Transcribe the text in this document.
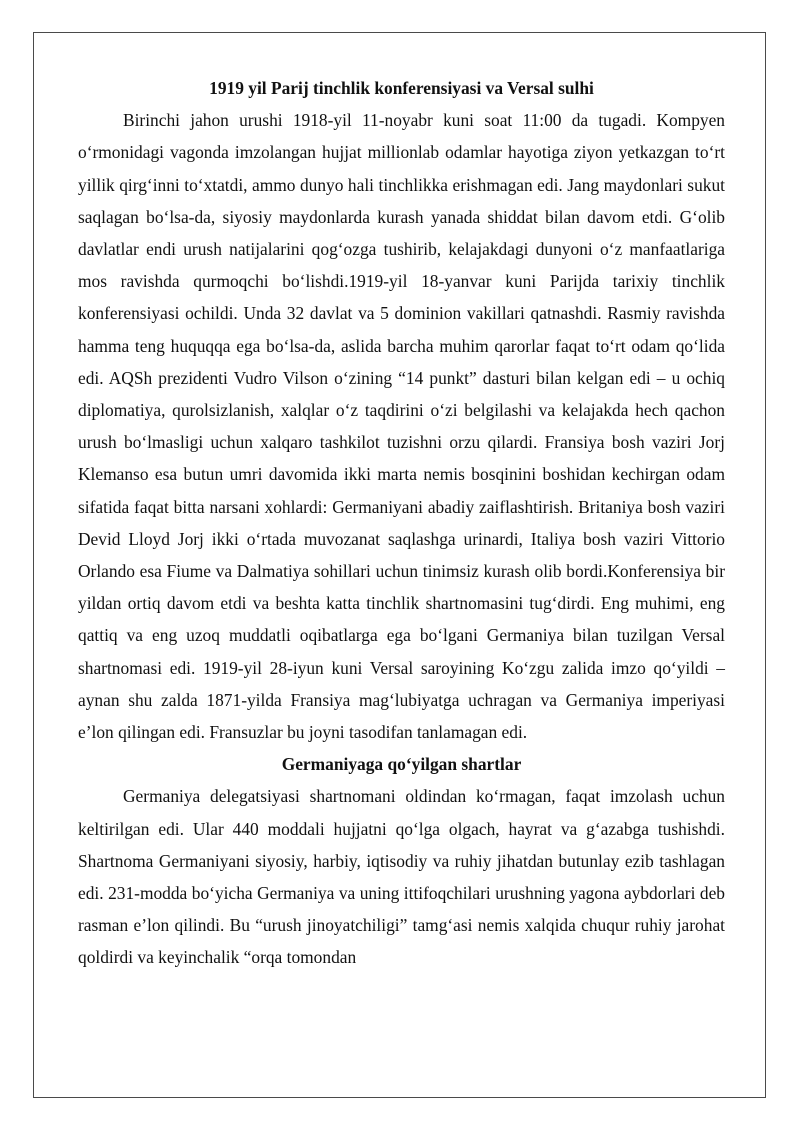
1919 yil Parij tinchlik konferensiyasi va Versal sulhi

Birinchi jahon urushi 1918-yil 11-noyabr kuni soat 11:00 da tugadi. Kompyen oʻrmonidagi vagonda imzolangan hujjat millionlab odamlar hayotiga ziyon yetkazgan toʻrt yillik qirgʻinni toʻxtatdi, ammo dunyo hali tinchlikka erishmagan edi. Jang maydonlari sukut saqlagan boʻlsa-da, siyosiy maydonlarda kurash yanada shiddat bilan davom etdi. Gʻolib davlatlar endi urush natijalarini qogʻozga tushirib, kelajakdagi dunyoni oʻz manfaatlariga mos ravishda qurmoqchi boʻlishdi.1919-yil 18-yanvar kuni Parijda tarixiy tinchlik konferensiyasi ochildi. Unda 32 davlat va 5 dominion vakillari qatnashdi. Rasmiy ravishda hamma teng huquqqa ega boʻlsa-da, aslida barcha muhim qarorlar faqat toʻrt odam qoʻlida edi. AQSh prezidenti Vudro Vilson oʻzining “14 punkt” dasturi bilan kelgan edi – u ochiq diplomatiya, qurolsizlanish, xalqlar oʻz taqdirini oʻzi belgilashi va kelajakda hech qachon urush boʻlmasligi uchun xalqaro tashkilot tuzishni orzu qilardi. Fransiya bosh vaziri Jorj Klemanso esa butun umri davomida ikki marta nemis bosqinini boshidan kechirgan odam sifatida faqat bitta narsani xohlardi: Germaniyani abadiy zaiflashtirish. Britaniya bosh vaziri Devid Lloyd Jorj ikki oʻrtada muvozanat saqlashga urinardi, Italiya bosh vaziri Vittorio Orlando esa Fiume va Dalmatiya sohillari uchun tinimsiz kurash olib bordi.Konferensiya bir yildan ortiq davom etdi va beshta katta tinchlik shartnomasini tugʻdirdi. Eng muhimi, eng qattiq va eng uzoq muddatli oqibatlarga ega boʻlgani Germaniya bilan tuzilgan Versal shartnomasi edi. 1919-yil 28-iyun kuni Versal saroyining Koʻzgu zalida imzo qoʻyildi – aynan shu zalda 1871-yilda Fransiya magʻlubiyatga uchragan va Germaniya imperiyasi e’lon qilingan edi. Fransuzlar bu joyni tasodifan tanlamagan edi.

Germaniyaga qoʻyilgan shartlar

Germaniya delegatsiyasi shartnomani oldindan koʻrmagan, faqat imzolash uchun keltirilgan edi. Ular 440 moddali hujjatni qoʻlga olgach, hayrat va gʻazabga tushishdi. Shartnoma Germaniyani siyosiy, harbiy, iqtisodiy va ruhiy jihatdan butunlay ezib tashlagan edi. 231-modda boʻyicha Germaniya va uning ittifoqchilari urushning yagona aybdorlari deb rasman e’lon qilindi. Bu “urush jinoyatchiligi” tamgʻasi nemis xalqida chuqur ruhiy jarohat qoldirdi va keyinchalik “orqa tomondan
